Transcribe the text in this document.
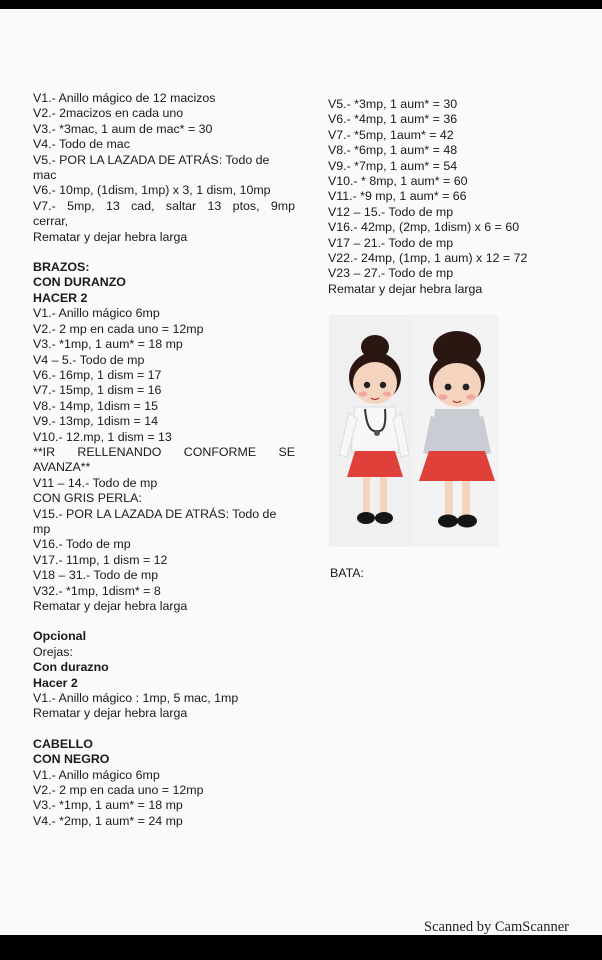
V1.- Anillo mágico de 12 macizos
V2.- 2macizos en cada uno
V3.- *3mac, 1 aum de mac* = 30
V4.- Todo de mac
V5.- POR LA LAZADA DE ATRÁS: Todo de mac
V6.- 10mp, (1dism, 1mp) x 3, 1 dism, 10mp
V7.- 5mp, 13 cad, saltar 13 ptos, 9mp
cerrar,
Rematar y dejar hebra larga
BRAZOS:
CON DURANZO
HACER 2
V1.- Anillo mágico 6mp
V2.- 2 mp en cada uno = 12mp
V3.- *1mp, 1 aum* = 18 mp
V4 – 5.- Todo de mp
V6.- 16mp, 1 dism = 17
V7.- 15mp, 1 dism = 16
V8.- 14mp, 1dism = 15
V9.- 13mp, 1dism = 14
V10.- 12.mp, 1 dism = 13
**IR RELLENANDO CONFORME SE
AVANZA**
V11 – 14.- Todo de mp
CON GRIS PERLA:
V15.- POR LA LAZADA DE ATRÁS: Todo de mp
V16.- Todo de mp
V17.- 11mp, 1 dism = 12
V18 – 31.- Todo de mp
V32.- *1mp, 1dism* = 8
Rematar y dejar hebra larga
Opcional
Orejas:
Con durazno
Hacer 2
V1.- Anillo mágico : 1mp, 5 mac, 1mp
Rematar y dejar hebra larga
CABELLO
CON NEGRO
V1.- Anillo mágico 6mp
V2.- 2 mp en cada uno = 12mp
V3.- *1mp, 1 aum* = 18 mp
V4.- *2mp, 1 aum* = 24 mp
V5.- *3mp, 1 aum* = 30
V6.- *4mp, 1 aum* = 36
V7.- *5mp, 1aum* = 42
V8.- *6mp, 1 aum* = 48
V9.- *7mp, 1 aum* = 54
V10.- * 8mp, 1 aum* = 60
V11.- *9 mp, 1 aum* = 66
V12 – 15.- Todo de mp
V16.- 42mp, (2mp, 1dism) x 6 = 60
V17 – 21.- Todo de mp
V22.- 24mp, (1mp, 1 aum) x 12 = 72
V23 – 27.- Todo de mp
Rematar y dejar hebra larga
BATA:
Scanned by CamScanner
